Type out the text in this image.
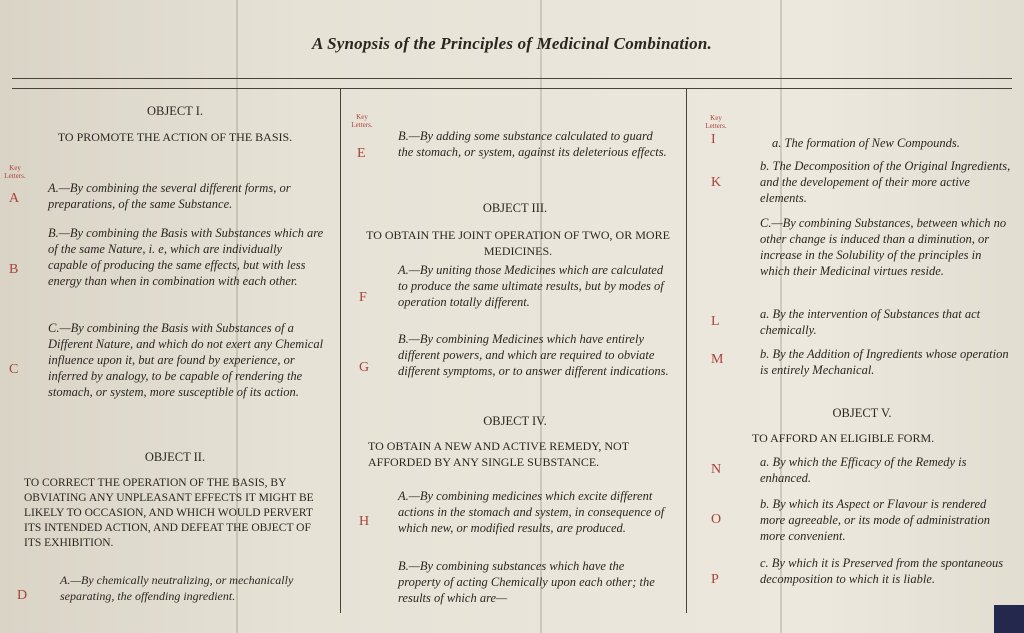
A Synopsis of the Principles of Medicinal Combination.
OBJECT I.
TO PROMOTE THE ACTION OF THE BASIS.
Key Letters.
A
A.—By combining the several different forms, or preparations, of the same Substance.
B
B.—By combining the Basis with Substances which are of the same Nature, i. e, which are individually capable of producing the same effects, but with less energy than when in combination with each other.
C
C.—By combining the Basis with Substances of a Different Nature, and which do not exert any Chemical influence upon it, but are found by experience, or inferred by analogy, to be capable of rendering the stomach, or system, more susceptible of its action.
OBJECT II.
TO CORRECT THE OPERATION OF THE BASIS, BY OBVIATING ANY UNPLEASANT EFFECTS IT MIGHT BE LIKELY TO OCCASION, AND WHICH WOULD PERVERT ITS INTENDED ACTION, AND DEFEAT THE OBJECT OF ITS EXHIBITION.
D
A.—By chemically neutralizing, or mechanically separating, the offending ingredient.
Key Letters.
E
B.—By adding some substance calculated to guard the stomach, or system, against its deleterious effects.
OBJECT III.
TO OBTAIN THE JOINT OPERATION OF TWO, OR MORE MEDICINES.
F
A.—By uniting those Medicines which are calculated to produce the same ultimate results, but by modes of operation totally different.
G
B.—By combining Medicines which have entirely different powers, and which are required to obviate different symptoms, or to answer different indications.
OBJECT IV.
TO OBTAIN A NEW AND ACTIVE REMEDY, NOT AFFORDED BY ANY SINGLE SUBSTANCE.
H
A.—By combining medicines which excite different actions in the stomach and system, in consequence of which new, or modified results, are produced.
B.—By combining substances which have the property of acting Chemically upon each other; the results of which are—
Key Letters.
I	a. The formation of New Compounds.
K
b. The Decomposition of the Original Ingredients, and the developement of their more active elements.
C.—By combining Substances, between which no other change is induced than a diminution, or increase in the Solubility of the principles in which their Medicinal virtues reside.
L	a. By the intervention of Substances that act chemically.
M	b. By the Addition of Ingredients whose operation is entirely Mechanical.
OBJECT V.
TO AFFORD AN ELIGIBLE FORM.
N	a. By which the Efficacy of the Remedy is enhanced.
O
b. By which its Aspect or Flavour is rendered more agreeable, or its mode of administration more convenient.
P
c. By which it is Preserved from the spontaneous decomposition to which it is liable.
